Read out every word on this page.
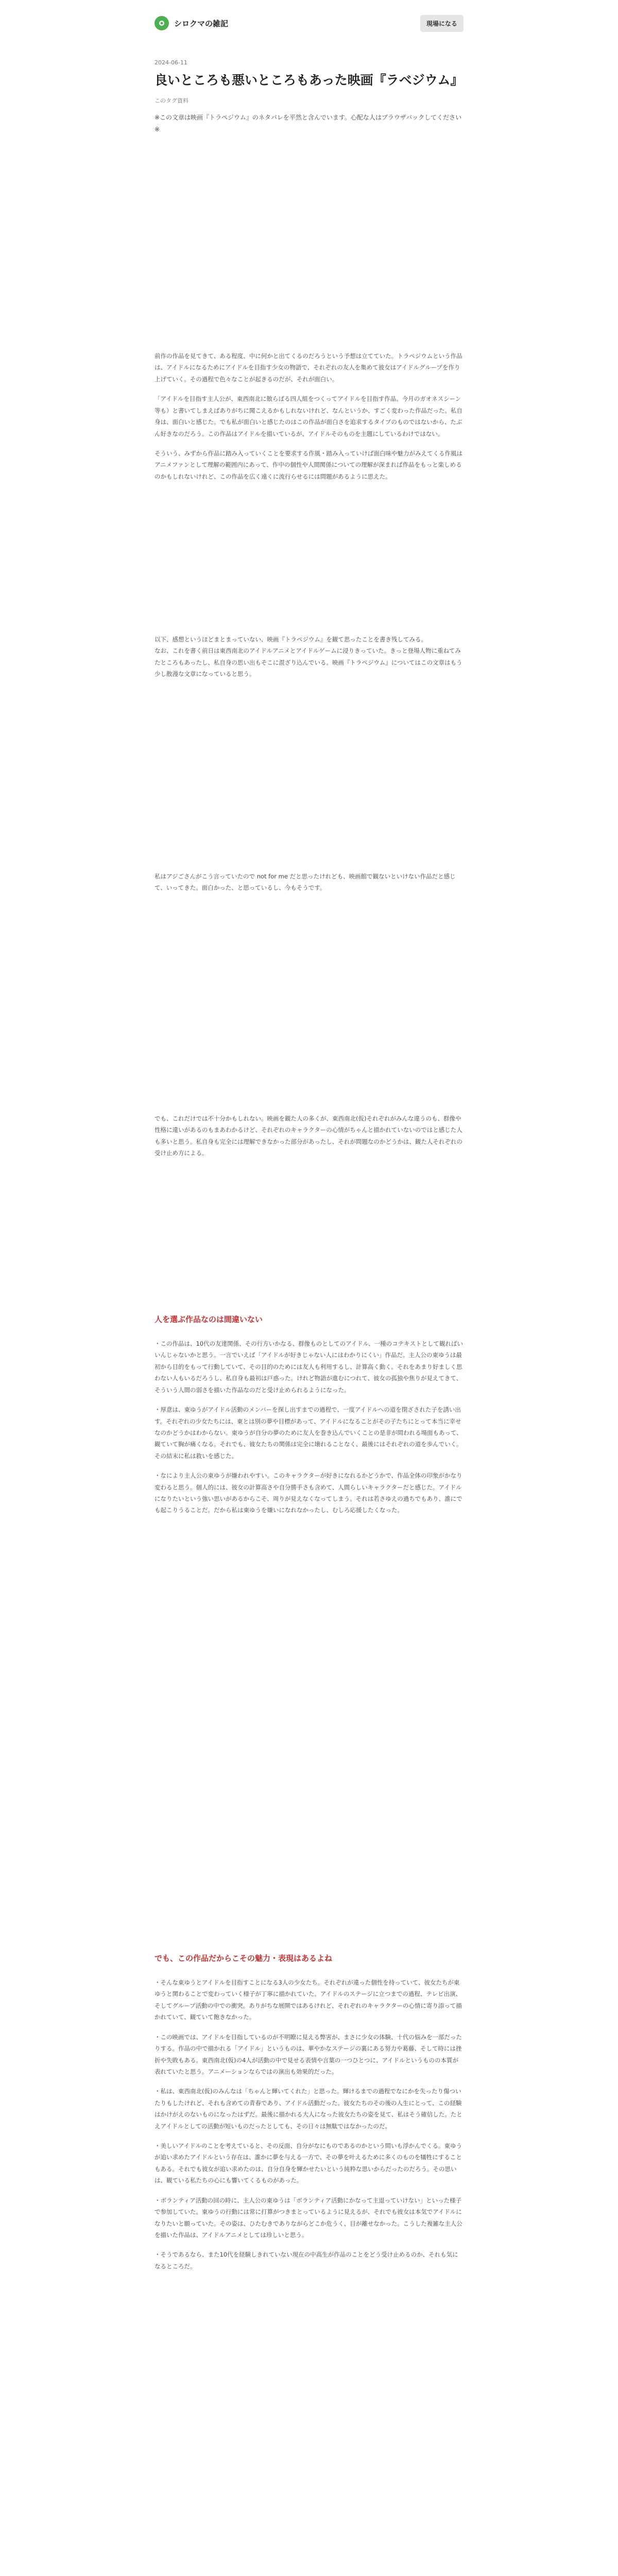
シロクマの雑記	現場になる
2024-06-11
良いところも悪いところもあった映画『ラベジウム』
このタグ資料

※この文章は映画『トラペジウム』のネタバレを平然と含んでいます。心配な人はブラウザバックしてください※

前作の作品を見てきて、ある程度、中に何かと出てくるのだろうという予想は立てていた。トラペジウムという作品は、アイドルになるためにアイドルを目指す少女の物語で、それぞれの友人を集めて彼女はアイドルグループを作り上げていく。その過程で色々なことが起きるのだが、それが面白い。

「アイドルを目指す主人公が、東西南北に散らばる四人組をつくってアイドルを目指す作品。今月のガオネスシーン等も）と書いてしまえばありがちに聞こえるかもしれないけれど、なんというか、すごく変わった作品だった。私自身は、面白いと感じた。でも私が面白いと感じたのはこの作品が面白さを追求するタイプのものではないから、たぶん好きなのだろう。この作品はアイドルを描いているが、アイドルそのものを主題にしているわけではない。

そういう、みずから作品に踏み入っていくことを要求する作風・踏み入っていけば面白味や魅力がみえてくる作風はアニメファンとして理解の範囲内にあって、作中の個性や人間関係についての理解が深まれば作品をもっと楽しめるのかもしれないけれど、この作品を広く遠くに流行らせるには問題があるように思えた。

以下、感想というほどまとまっていない、映画『トラペジウム』を観て思ったことを書き残してみる。
なお、これを書く前日は東西南北のアイドルアニメとアイドルゲームに浸りきっていた。きっと登場人物に重ねてみたところもあったし、私自身の思い出もそこに混ざり込んでいる。映画『トラペジウム』についてはこの文章はもう少し散漫な文章になっていると思う。

私はアジごさんがこう言っていたので not for me だと思ったけれども、映画館で観ないといけない作品だと感じて、いってきた。面白かった、と思っているし、今もそうです。

でも、これだけでは不十分かもしれない。映画を観た人の多くが、東西南北(仮)それぞれがみんな違うのも、群像や性格に違いがあるのもまあわかるけど、それぞれのキャラクターの心情がちゃんと描かれていないのではと感じた人も多いと思う。私自身も完全には理解できなかった部分があったし、それが問題なのかどうかは、観た人それぞれの受け止め方による。

人を選ぶ作品なのは間違いない

・この作品は、10代の友達関係、その行方いかなる、群像ものとしてのアイドル、一種のコテキストとして観ればいいんじゃないかと思う。一言でいえば「アイドルが好きじゃない人にはわかりにくい」作品だ。主人公の東ゆうは最初から目的をもって行動していて、その目的のためには友人も利用するし、計算高く動く。それをあまり好ましく思わない人もいるだろうし、私自身も最初は戸惑った。けれど物語が進むにつれて、彼女の孤独や焦りが見えてきて、そういう人間の弱さを描いた作品なのだと受け止められるようになった。

・厚意は、東ゆうがアイドル活動のメンバーを探し出すまでの過程で、一度アイドルへの道を閉ざされた子を誘い出す。それぞれの少女たちには、東とは別の夢や目標があって、アイドルになることがその子たちにとって本当に幸せなのかどうかはわからない。東ゆうが自分の夢のために友人を巻き込んでいくことの是非が問われる場面もあって、観ていて胸が痛くなる。それでも、彼女たちの関係は完全に壊れることなく、最後にはそれぞれの道を歩んでいく。その結末に私は救いを感じた。

・なにより主人公の東ゆうが嫌われやすい。このキャラクターが好きになれるかどうかで、作品全体の印象がかなり変わると思う。個人的には、彼女の計算高さや自分勝手さも含めて、人間らしいキャラクターだと感じた。アイドルになりたいという強い思いがあるからこそ、周りが見えなくなってしまう。それは若さゆえの過ちでもあり、誰にでも起こりうることだ。だから私は東ゆうを嫌いになれなかったし、むしろ応援したくなった。

でも、この作品だからこその魅力・表現はあるよね

・そんな東ゆうとアイドルを目指すことになる3人の少女たち。それぞれが違った個性を持っていて、彼女たちが東ゆうと関わることで変わっていく様子が丁寧に描かれていた。アイドルのステージに立つまでの過程、テレビ出演、そしてグループ活動の中での衝突。ありがちな展開ではあるけれど、それぞれのキャラクターの心情に寄り添って描かれていて、観ていて飽きなかった。

・この映画では、アイドルを目指しているのが不明瞭に見える弊害が、まさに少女の体験、十代の悩みを一部だったりする。作品の中で描かれる「アイドル」というものは、華やかなステージの裏にある努力や葛藤、そして時には挫折や失敗もある。東西南北(仮)の4人が活動の中で見せる表情や言葉の一つひとつに、アイドルというものの本質が表れていたと思う。アニメーションならではの演出も効果的だった。

・私は、東西南北(仮)のみんなは「ちゃんと輝いてくれた」と思った。輝けるまでの過程でなにかを失ったり傷ついたりもしたけれど、それも含めての青春であり、アイドル活動だった。彼女たちのその後の人生にとって、この経験はかけがえのないものになったはずだ。最後に描かれる大人になった彼女たちの姿を見て、私はそう確信した。たとえアイドルとしての活動が短いものだったとしても、その日々は無駄ではなかったのだ。

・美しいアイドルのことを考えていると、その反面、自分がなにものであるのかという問いも浮かんでくる。東ゆうが追い求めたアイドルという存在は、誰かに夢を与える一方で、その夢を叶えるために多くのものを犠牲にすることもある。それでも彼女が追い求めたのは、自分自身を輝かせたいという純粋な思いからだったのだろう。その思いは、観ている私たちの心にも響いてくるものがあった。

・ボランティア活動の回の時に、主人公の東ゆうは「ボランティア活動にかなって主退っていけない」といった様子で参加していた。東ゆうの行動には常に打算がつきまとっているように見えるが、それでも彼女は本気でアイドルになりたいと願っていた。その姿は、ひたむきでありながらどこか危うく、目が離せなかった。こうした複雑な主人公を描いた作品は、アイドルアニメとしては珍しいと思う。

・そうであるなら、また10代を経験しきれていない現在の中高生が作品のことをどう受け止めるのか、それも気になるところだ。
